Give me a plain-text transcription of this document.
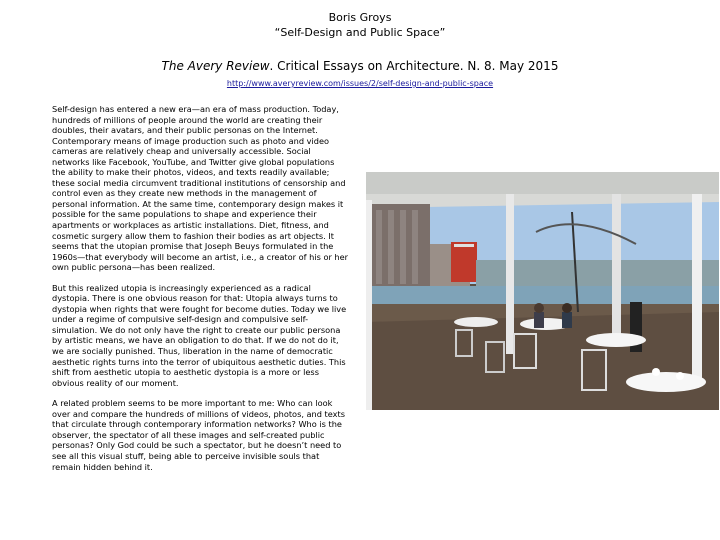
Boris Groys
“Self-Design and Public Space”
The Avery Review. Critical Essays on Architecture. N. 8. May 2015
http://www.averyreview.com/issues/2/self-design-and-public-space

Self-design has entered a new era—an era of mass production. Today, hundreds of millions of people around the world are creating their doubles, their avatars, and their public personas on the Internet. Contemporary means of image production such as photo and video cameras are relatively cheap and universally accessible. Social networks like Facebook, YouTube, and Twitter give global populations the ability to make their photos, videos, and texts readily available; these social media circumvent traditional institutions of censorship and control even as they create new methods in the management of personal information. At the same time, contemporary design makes it possible for the same populations to shape and experience their apartments or workplaces as artistic installations. Diet, fitness, and cosmetic surgery allow them to fashion their bodies as art objects. It seems that the utopian promise that Joseph Beuys formulated in the 1960s—that everybody will become an artist, i.e., a creator of his or her own public persona—has been realized.

But this realized utopia is increasingly experienced as a radical dystopia. There is one obvious reason for that: Utopia always turns to dystopia when rights that were fought for become duties. Today we live under a regime of compulsive self-design and compulsive self-simulation. We do not only have the right to create our public persona by artistic means, we have an obligation to do that. If we do not do it, we are socially punished. Thus, liberation in the name of democratic aesthetic rights turns into the terror of ubiquitous aesthetic duties. This shift from aesthetic utopia to aesthetic dystopia is a more or less obvious reality of our moment.

A related problem seems to be more important to me: Who can look over and compare the hundreds of millions of videos, photos, and texts that circulate through contemporary information networks? Who is the observer, the spectator of all these images and self-created public personas? Only God could be such a spectator, but he doesn’t need to see all this visual stuff, being able to perceive invisible souls that remain hidden behind it.
